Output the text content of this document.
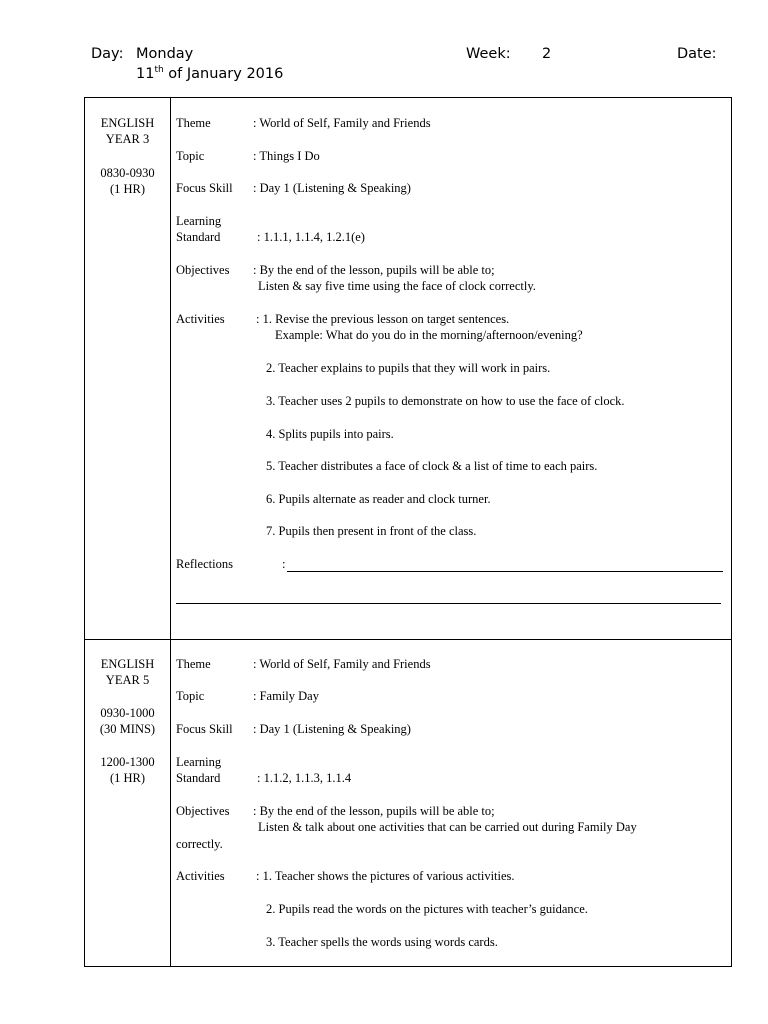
Day: Monday
11th of January 2016
Week: 2	Date:
ENGLISH
YEAR 3
0830-0930
(1 HR)
Theme	: World of Self, Family and Friends
Topic	: Things I Do
Focus Skill : Day 1 (Listening & Speaking)
Learning
Standard	: 1.1.1, 1.1.4, 1.2.1(e)
Objectives : By the end of the lesson, pupils will be able to;
Listen & say five time using the face of clock correctly.
Activities	: 1. Revise the previous lesson on target sentences.
Example: What do you do in the morning/afternoon/evening?
2. Teacher explains to pupils that they will work in pairs.
3. Teacher uses 2 pupils to demonstrate on how to use the face of clock.
4. Splits pupils into pairs.
5. Teacher distributes a face of clock & a list of time to each pairs.
6. Pupils alternate as reader and clock turner.
7. Pupils then present in front of the class.
Reflections	:
ENGLISH
YEAR 5
0930-1000
(30 MINS)
1200-1300
(1 HR)
Theme	: World of Self, Family and Friends
Topic	: Family Day
Focus Skill : Day 1 (Listening & Speaking)
Learning
Standard	: 1.1.2, 1.1.3, 1.1.4
Objectives : By the end of the lesson, pupils will be able to;
Listen & talk about one activities that can be carried out during Family Day
correctly.
Activities	: 1. Teacher shows the pictures of various activities.
2. Pupils read the words on the pictures with teacher’s guidance.
3. Teacher spells the words using words cards.
